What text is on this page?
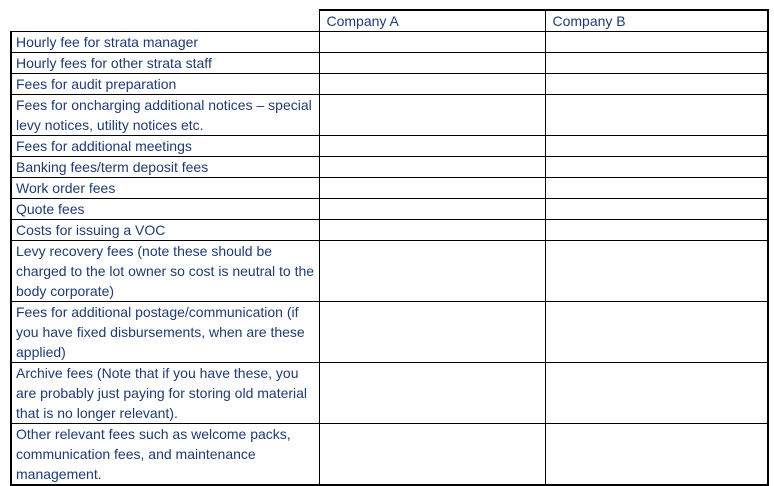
	Company A	Company B
Hourly fee for strata manager		
Hourly fees for other strata staff		
Fees for audit preparation		
Fees for oncharging additional notices – special levy notices, utility notices etc.		
Fees for additional meetings		
Banking fees/term deposit fees		
Work order fees		
Quote fees		
Costs for issuing a VOC		
Levy recovery fees (note these should be charged to the lot owner so cost is neutral to the body corporate)		
Fees for additional postage/communication (if you have fixed disbursements, when are these applied)		
Archive fees (Note that if you have these, you are probably just paying for storing old material that is no longer relevant).		
Other relevant fees such as welcome packs, communication fees, and maintenance management.		
